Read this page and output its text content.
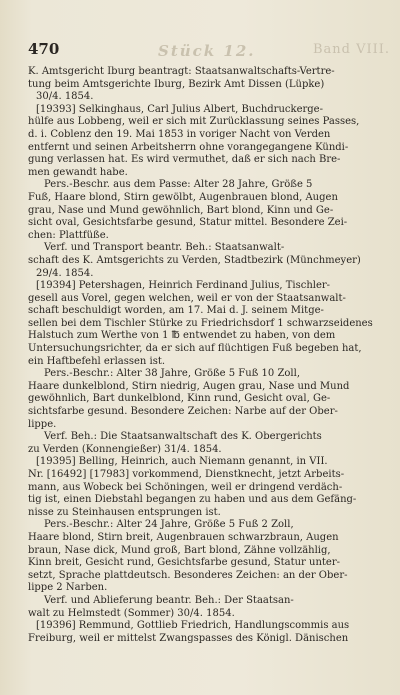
470	Stück 12.	Band VIII.
K. Amtsgericht Iburg beantragt: Staatsanwaltschafts-Vertre-
tung beim Amtsgerichte Iburg, Bezirk Amt Dissen (Lüpke)
30/4. 1854.
[19393] Selkinghaus, Carl Julius Albert, Buchdruckerge-
hülfe aus Lobbeng, weil er sich mit Zurücklassung seines Passes,
d. i. Coblenz den 19. Mai 1853 in voriger Nacht von Verden
entfernt und seinen Arbeitsherrn ohne vorangegangene Kündi-
gung verlassen hat. Es wird vermuthet, daß er sich nach Bre-
men gewandt habe.
Pers.-Beschr. aus dem Passe: Alter 28 Jahre, Größe 5
Fuß, Haare blond, Stirn gewölbt, Augenbrauen blond, Augen
grau, Nase und Mund gewöhnlich, Bart blond, Kinn und Ge-
sicht oval, Gesichtsfarbe gesund, Statur mittel. Besondere Zei-
chen: Plattfüße.
Verf. und Transport beantr. Beh.: Staatsanwalt-
schaft des K. Amtsgerichts zu Verden, Stadtbezirk (Münchmeyer)
29/4. 1854.
[19394] Petershagen, Heinrich Ferdinand Julius, Tischler-
gesell aus Vorel, gegen welchen, weil er von der Staatsanwalt-
schaft beschuldigt worden, am 17. Mai d. J. seinem Mitge-
sellen bei dem Tischler Stürke zu Friedrichsdorf 1 schwarzseidenes
Halstuch zum Werthe von 1 ℔ entwendet zu haben, von dem
Untersuchungsrichter, da er sich auf flüchtigen Fuß begeben hat,
ein Haftbefehl erlassen ist.
Pers.-Beschr.: Alter 38 Jahre, Größe 5 Fuß 10 Zoll,
Haare dunkelblond, Stirn niedrig, Augen grau, Nase und Mund
gewöhnlich, Bart dunkelblond, Kinn rund, Gesicht oval, Ge-
sichtsfarbe gesund. Besondere Zeichen: Narbe auf der Ober-
lippe.
Verf. Beh.: Die Staatsanwaltschaft des K. Obergerichts
zu Verden (Konnengießer) 31/4. 1854.
[19395] Belling, Heinrich, auch Niemann genannt, in VII.
Nr. [16492] [17983] vorkommend, Dienstknecht, jetzt Arbeits-
mann, aus Wobeck bei Schöningen, weil er dringend verdäch-
tig ist, einen Diebstahl begangen zu haben und aus dem Gefäng-
nisse zu Steinhausen entsprungen ist.
Pers.-Beschr.: Alter 24 Jahre, Größe 5 Fuß 2 Zoll,
Haare blond, Stirn breit, Augenbrauen schwarzbraun, Augen
braun, Nase dick, Mund groß, Bart blond, Zähne vollzählig,
Kinn breit, Gesicht rund, Gesichtsfarbe gesund, Statur unter-
setzt, Sprache plattdeutsch. Besonderes Zeichen: an der Ober-
lippe 2 Narben.
Verf. und Ablieferung beantr. Beh.: Der Staatsan-
walt zu Helmstedt (Sommer) 30/4. 1854.
[19396] Remmund, Gottlieb Friedrich, Handlungscommis aus
Freiburg, weil er mittelst Zwangspasses des Königl. Dänischen
